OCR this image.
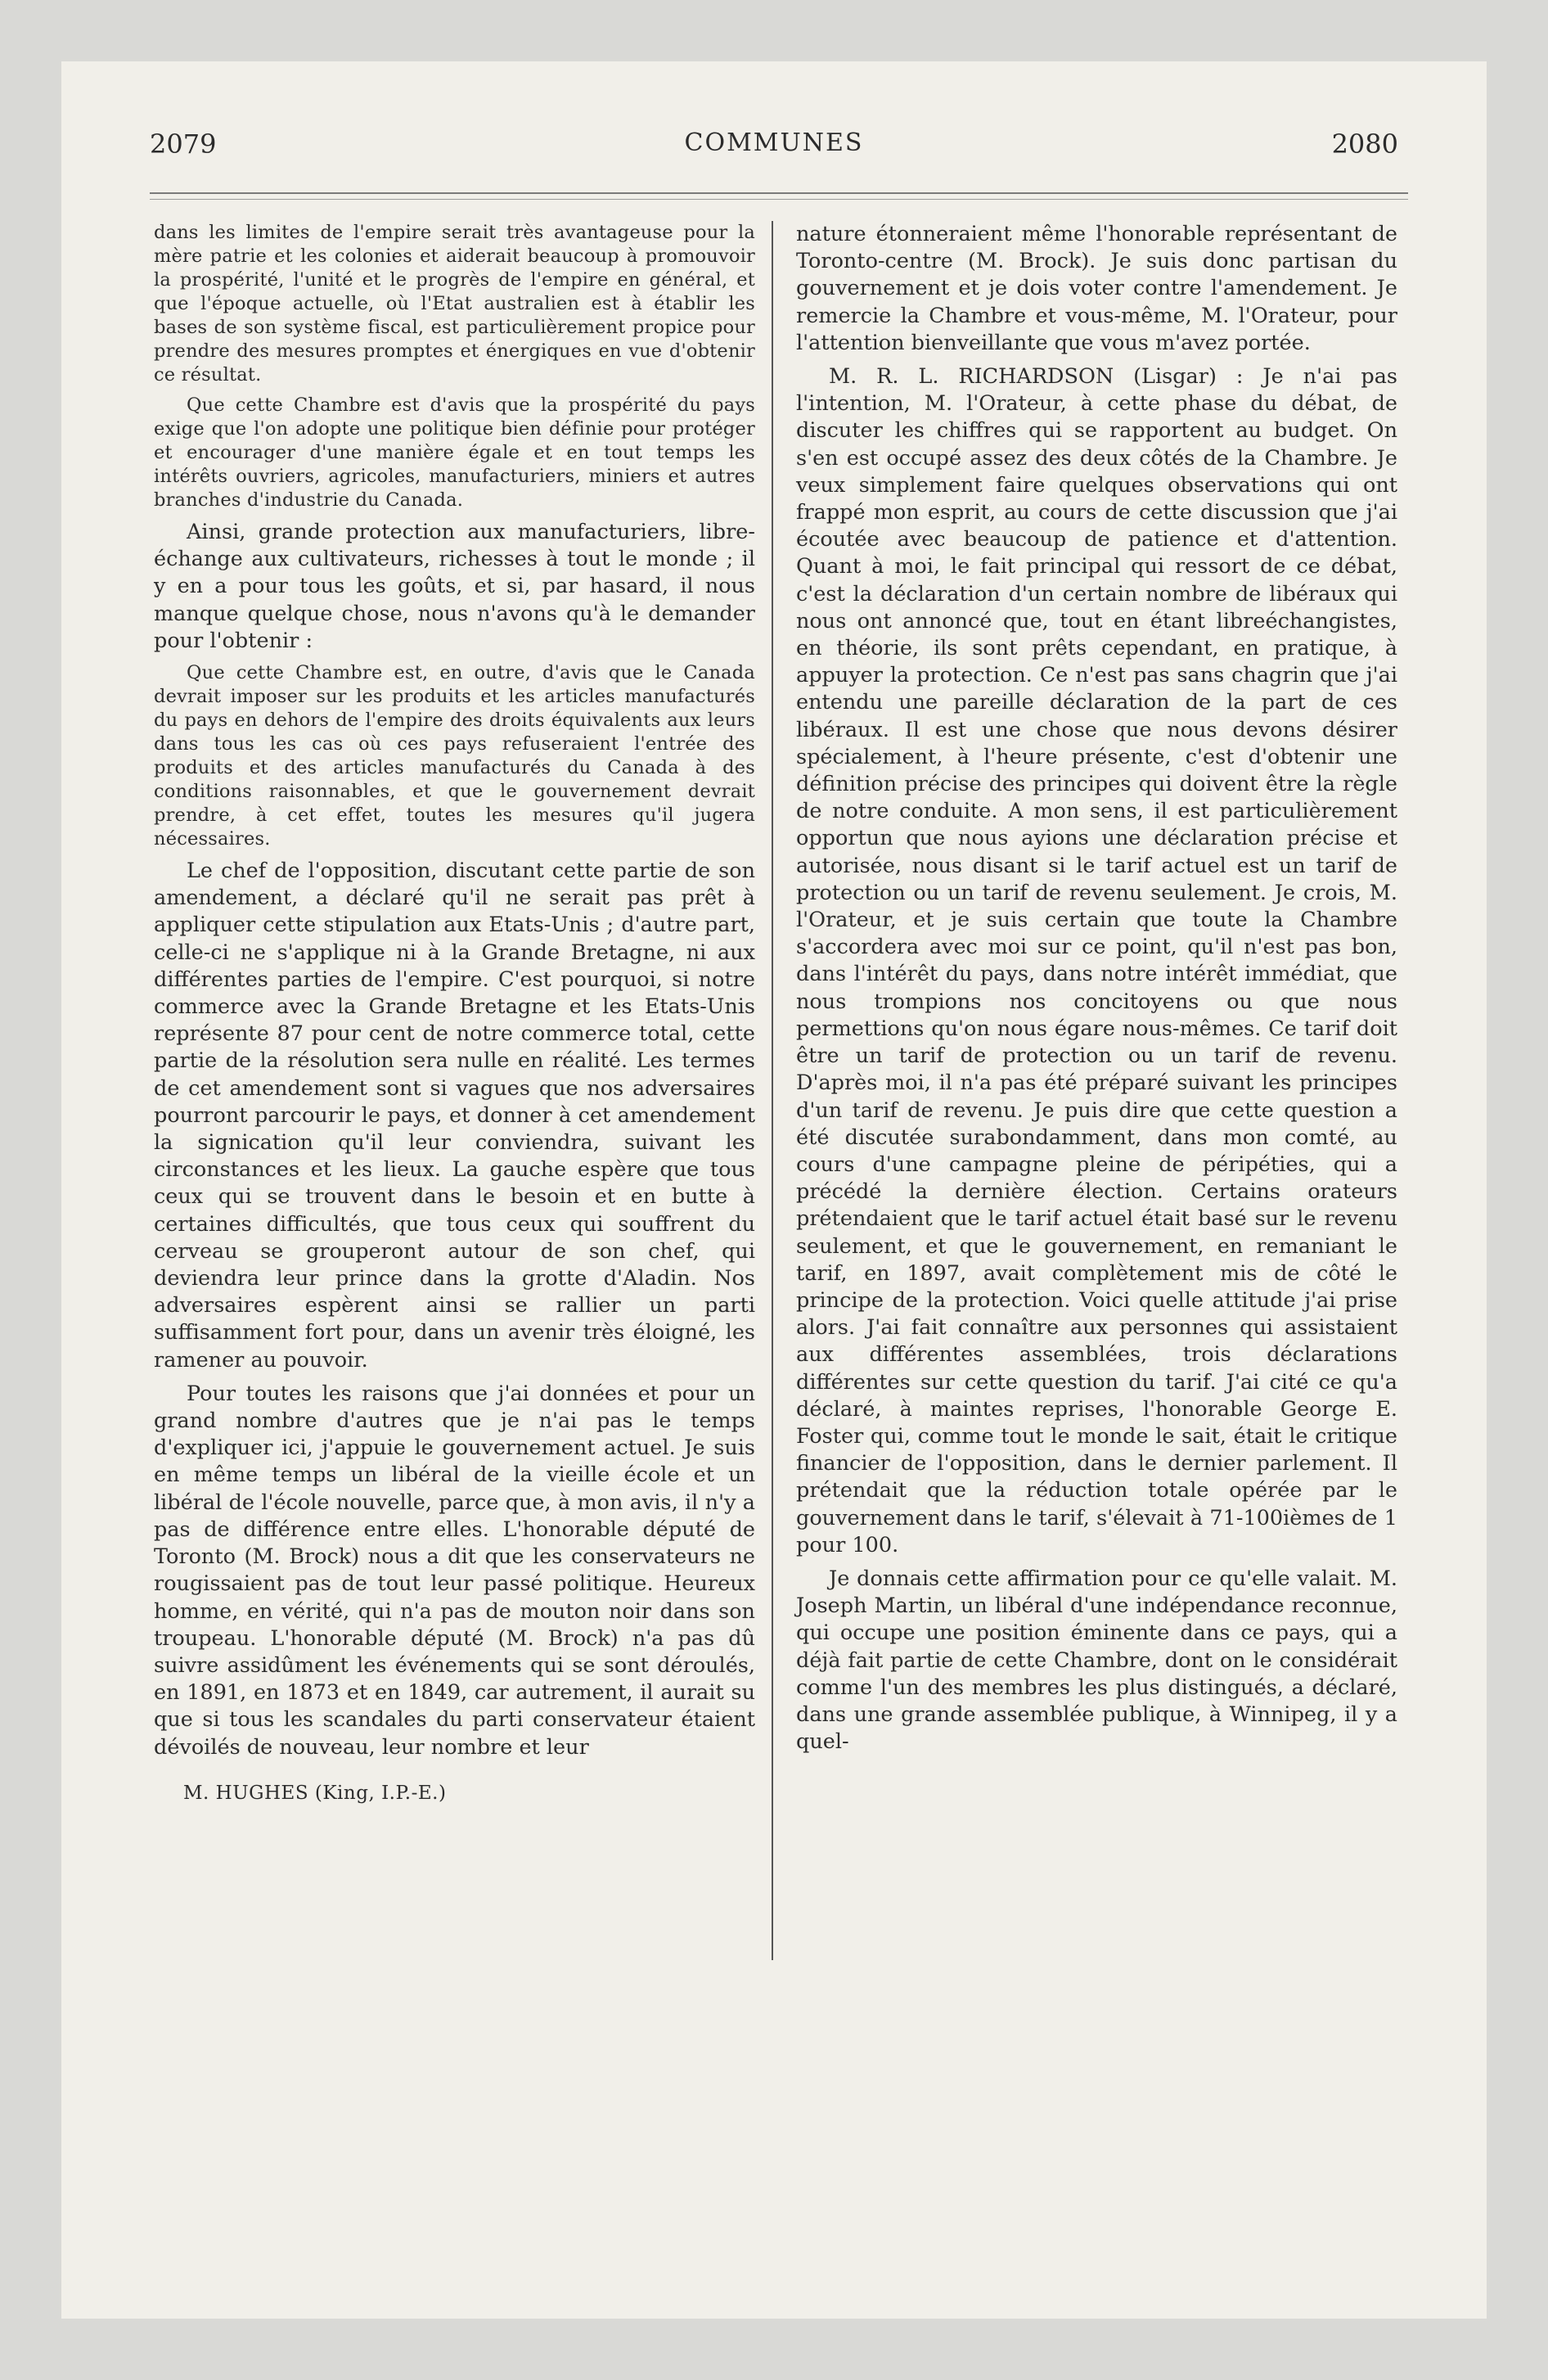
2079	COMMUNES	2080

dans les limites de l'empire serait très avantageuse pour la mère patrie et les colonies et aiderait beaucoup à promouvoir la prospérité, l'unité et le progrès de l'empire en général, et que l'époque actuelle, où l'Etat australien est à établir les bases de son système fiscal, est particulièrement propice pour prendre des mesures promptes et énergiques en vue d'obtenir ce résultat.

Que cette Chambre est d'avis que la prospérité du pays exige que l'on adopte une politique bien définie pour protéger et encourager d'une manière égale et en tout temps les intérêts ouvriers, agricoles, manufacturiers, miniers et autres branches d'industrie du Canada.

Ainsi, grande protection aux manufacturiers, libre-échange aux cultivateurs, richesses à tout le monde ; il y en a pour tous les goûts, et si, par hasard, il nous manque quelque chose, nous n'avons qu'à le demander pour l'obtenir :

Que cette Chambre est, en outre, d'avis que le Canada devrait imposer sur les produits et les articles manufacturés du pays en dehors de l'empire des droits équivalents aux leurs dans tous les cas où ces pays refuseraient l'entrée des produits et des articles manufacturés du Canada à des conditions raisonnables, et que le gouvernement devrait prendre, à cet effet, toutes les mesures qu'il jugera nécessaires.

Le chef de l'opposition, discutant cette partie de son amendement, a déclaré qu'il ne serait pas prêt à appliquer cette stipulation aux Etats-Unis ; d'autre part, celle-ci ne s'applique ni à la Grande Bretagne, ni aux différentes parties de l'empire. C'est pourquoi, si notre commerce avec la Grande Bretagne et les Etats-Unis représente 87 pour cent de notre commerce total, cette partie de la résolution sera nulle en réalité. Les termes de cet amendement sont si vagues que nos adversaires pourront parcourir le pays, et donner à cet amendement la signication qu'il leur conviendra, suivant les circonstances et les lieux. La gauche espère que tous ceux qui se trouvent dans le besoin et en butte à certaines difficultés, que tous ceux qui souffrent du cerveau se grouperont autour de son chef, qui deviendra leur prince dans la grotte d'Aladin. Nos adversaires espèrent ainsi se rallier un parti suffisamment fort pour, dans un avenir très éloigné, les ramener au pouvoir.

Pour toutes les raisons que j'ai données et pour un grand nombre d'autres que je n'ai pas le temps d'expliquer ici, j'appuie le gouvernement actuel. Je suis en même temps un libéral de la vieille école et un libéral de l'école nouvelle, parce que, à mon avis, il n'y a pas de différence entre elles. L'honorable député de Toronto (M. Brock) nous a dit que les conservateurs ne rougissaient pas de tout leur passé politique. Heureux homme, en vérité, qui n'a pas de mouton noir dans son troupeau. L'honorable député (M. Brock) n'a pas dû suivre assidûment les événements qui se sont déroulés, en 1891, en 1873 et en 1849, car autrement, il aurait su que si tous les scandales du parti conservateur étaient dévoilés de nouveau, leur nombre et leur

M. HUGHES (King, I.P.-E.)

nature étonneraient même l'honorable représentant de Toronto-centre (M. Brock). Je suis donc partisan du gouvernement et je dois voter contre l'amendement. Je remercie la Chambre et vous-même, M. l'Orateur, pour l'attention bienveillante que vous m'avez portée.

M. R. L. RICHARDSON (Lisgar) : Je n'ai pas l'intention, M. l'Orateur, à cette phase du débat, de discuter les chiffres qui se rapportent au budget. On s'en est occupé assez des deux côtés de la Chambre. Je veux simplement faire quelques observations qui ont frappé mon esprit, au cours de cette discussion que j'ai écoutée avec beaucoup de patience et d'attention. Quant à moi, le fait principal qui ressort de ce débat, c'est la déclaration d'un certain nombre de libéraux qui nous ont annoncé que, tout en étant libreéchangistes, en théorie, ils sont prêts cependant, en pratique, à appuyer la protection. Ce n'est pas sans chagrin que j'ai entendu une pareille déclaration de la part de ces libéraux. Il est une chose que nous devons désirer spécialement, à l'heure présente, c'est d'obtenir une définition précise des principes qui doivent être la règle de notre conduite. A mon sens, il est particulièrement opportun que nous ayions une déclaration précise et autorisée, nous disant si le tarif actuel est un tarif de protection ou un tarif de revenu seulement. Je crois, M. l'Orateur, et je suis certain que toute la Chambre s'accordera avec moi sur ce point, qu'il n'est pas bon, dans l'intérêt du pays, dans notre intérêt immédiat, que nous trompions nos concitoyens ou que nous permettions qu'on nous égare nous-mêmes. Ce tarif doit être un tarif de protection ou un tarif de revenu. D'après moi, il n'a pas été préparé suivant les principes d'un tarif de revenu. Je puis dire que cette question a été discutée surabondamment, dans mon comté, au cours d'une campagne pleine de péripéties, qui a précédé la dernière élection. Certains orateurs prétendaient que le tarif actuel était basé sur le revenu seulement, et que le gouvernement, en remaniant le tarif, en 1897, avait complètement mis de côté le principe de la protection. Voici quelle attitude j'ai prise alors. J'ai fait connaître aux personnes qui assistaient aux différentes assemblées, trois déclarations différentes sur cette question du tarif. J'ai cité ce qu'a déclaré, à maintes reprises, l'honorable George E. Foster qui, comme tout le monde le sait, était le critique financier de l'opposition, dans le dernier parlement. Il prétendait que la réduction totale opérée par le gouvernement dans le tarif, s'élevait à 71-100ièmes de 1 pour 100.

Je donnais cette affirmation pour ce qu'elle valait. M. Joseph Martin, un libéral d'une indépendance reconnue, qui occupe une position éminente dans ce pays, qui a déjà fait partie de cette Chambre, dont on le considérait comme l'un des membres les plus distingués, a déclaré, dans une grande assemblée publique, à Winnipeg, il y a quel-
